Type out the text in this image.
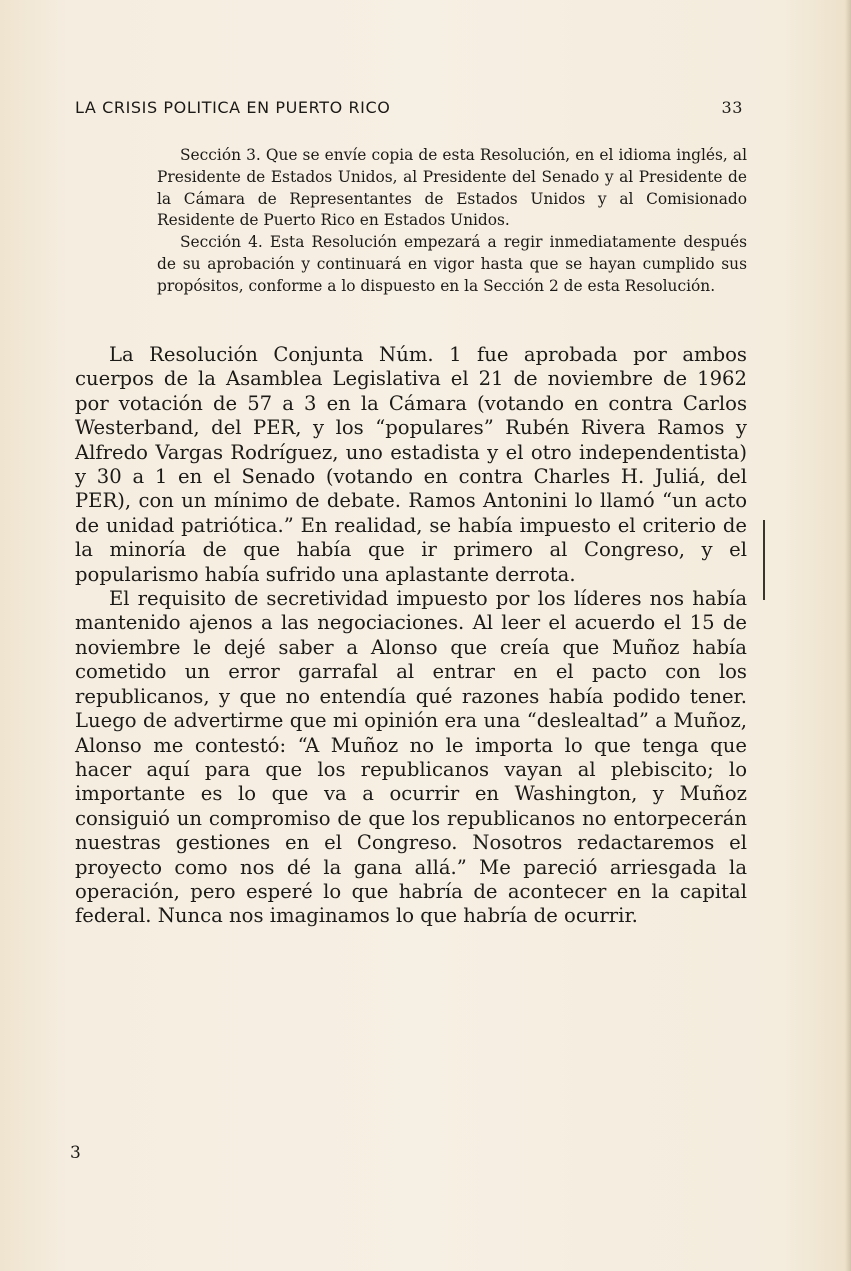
LA CRISIS POLITICA EN PUERTO RICO	33

Sección 3. Que se envíe copia de esta Resolución, en el idioma inglés, al Presidente de Estados Unidos, al Presidente del Senado y al Presidente de la Cámara de Representantes de Estados Unidos y al Comisionado Residente de Puerto Rico en Estados Unidos.

Sección 4. Esta Resolución empezará a regir inmediatamente después de su aprobación y continuará en vigor hasta que se hayan cumplido sus propósitos, conforme a lo dispuesto en la Sección 2 de esta Resolución.

La Resolución Conjunta Núm. 1 fue aprobada por ambos cuerpos de la Asamblea Legislativa el 21 de noviembre de 1962 por votación de 57 a 3 en la Cámara (votando en contra Carlos Westerband, del PER, y los “populares” Rubén Rivera Ramos y Alfredo Vargas Rodríguez, uno estadista y el otro independentista) y 30 a 1 en el Senado (votando en contra Charles H. Juliá, del PER), con un mínimo de debate. Ramos Antonini lo llamó “un acto de unidad patriótica.” En realidad, se había impuesto el criterio de la minoría de que había que ir primero al Congreso, y el popularismo había sufrido una aplastante derrota.

El requisito de secretividad impuesto por los líderes nos había mantenido ajenos a las negociaciones. Al leer el acuerdo el 15 de noviembre le dejé saber a Alonso que creía que Muñoz había cometido un error garrafal al entrar en el pacto con los republicanos, y que no entendía qué razones había podido tener. Luego de advertirme que mi opinión era una “deslealtad” a Muñoz, Alonso me contestó: “A Muñoz no le importa lo que tenga que hacer aquí para que los republicanos vayan al plebiscito; lo importante es lo que va a ocurrir en Washington, y Muñoz consiguió un compromiso de que los republicanos no entorpecerán nuestras gestiones en el Congreso. Nosotros redactaremos el proyecto como nos dé la gana allá.” Me pareció arriesgada la operación, pero esperé lo que habría de acontecer en la capital federal. Nunca nos imaginamos lo que habría de ocurrir.

3
